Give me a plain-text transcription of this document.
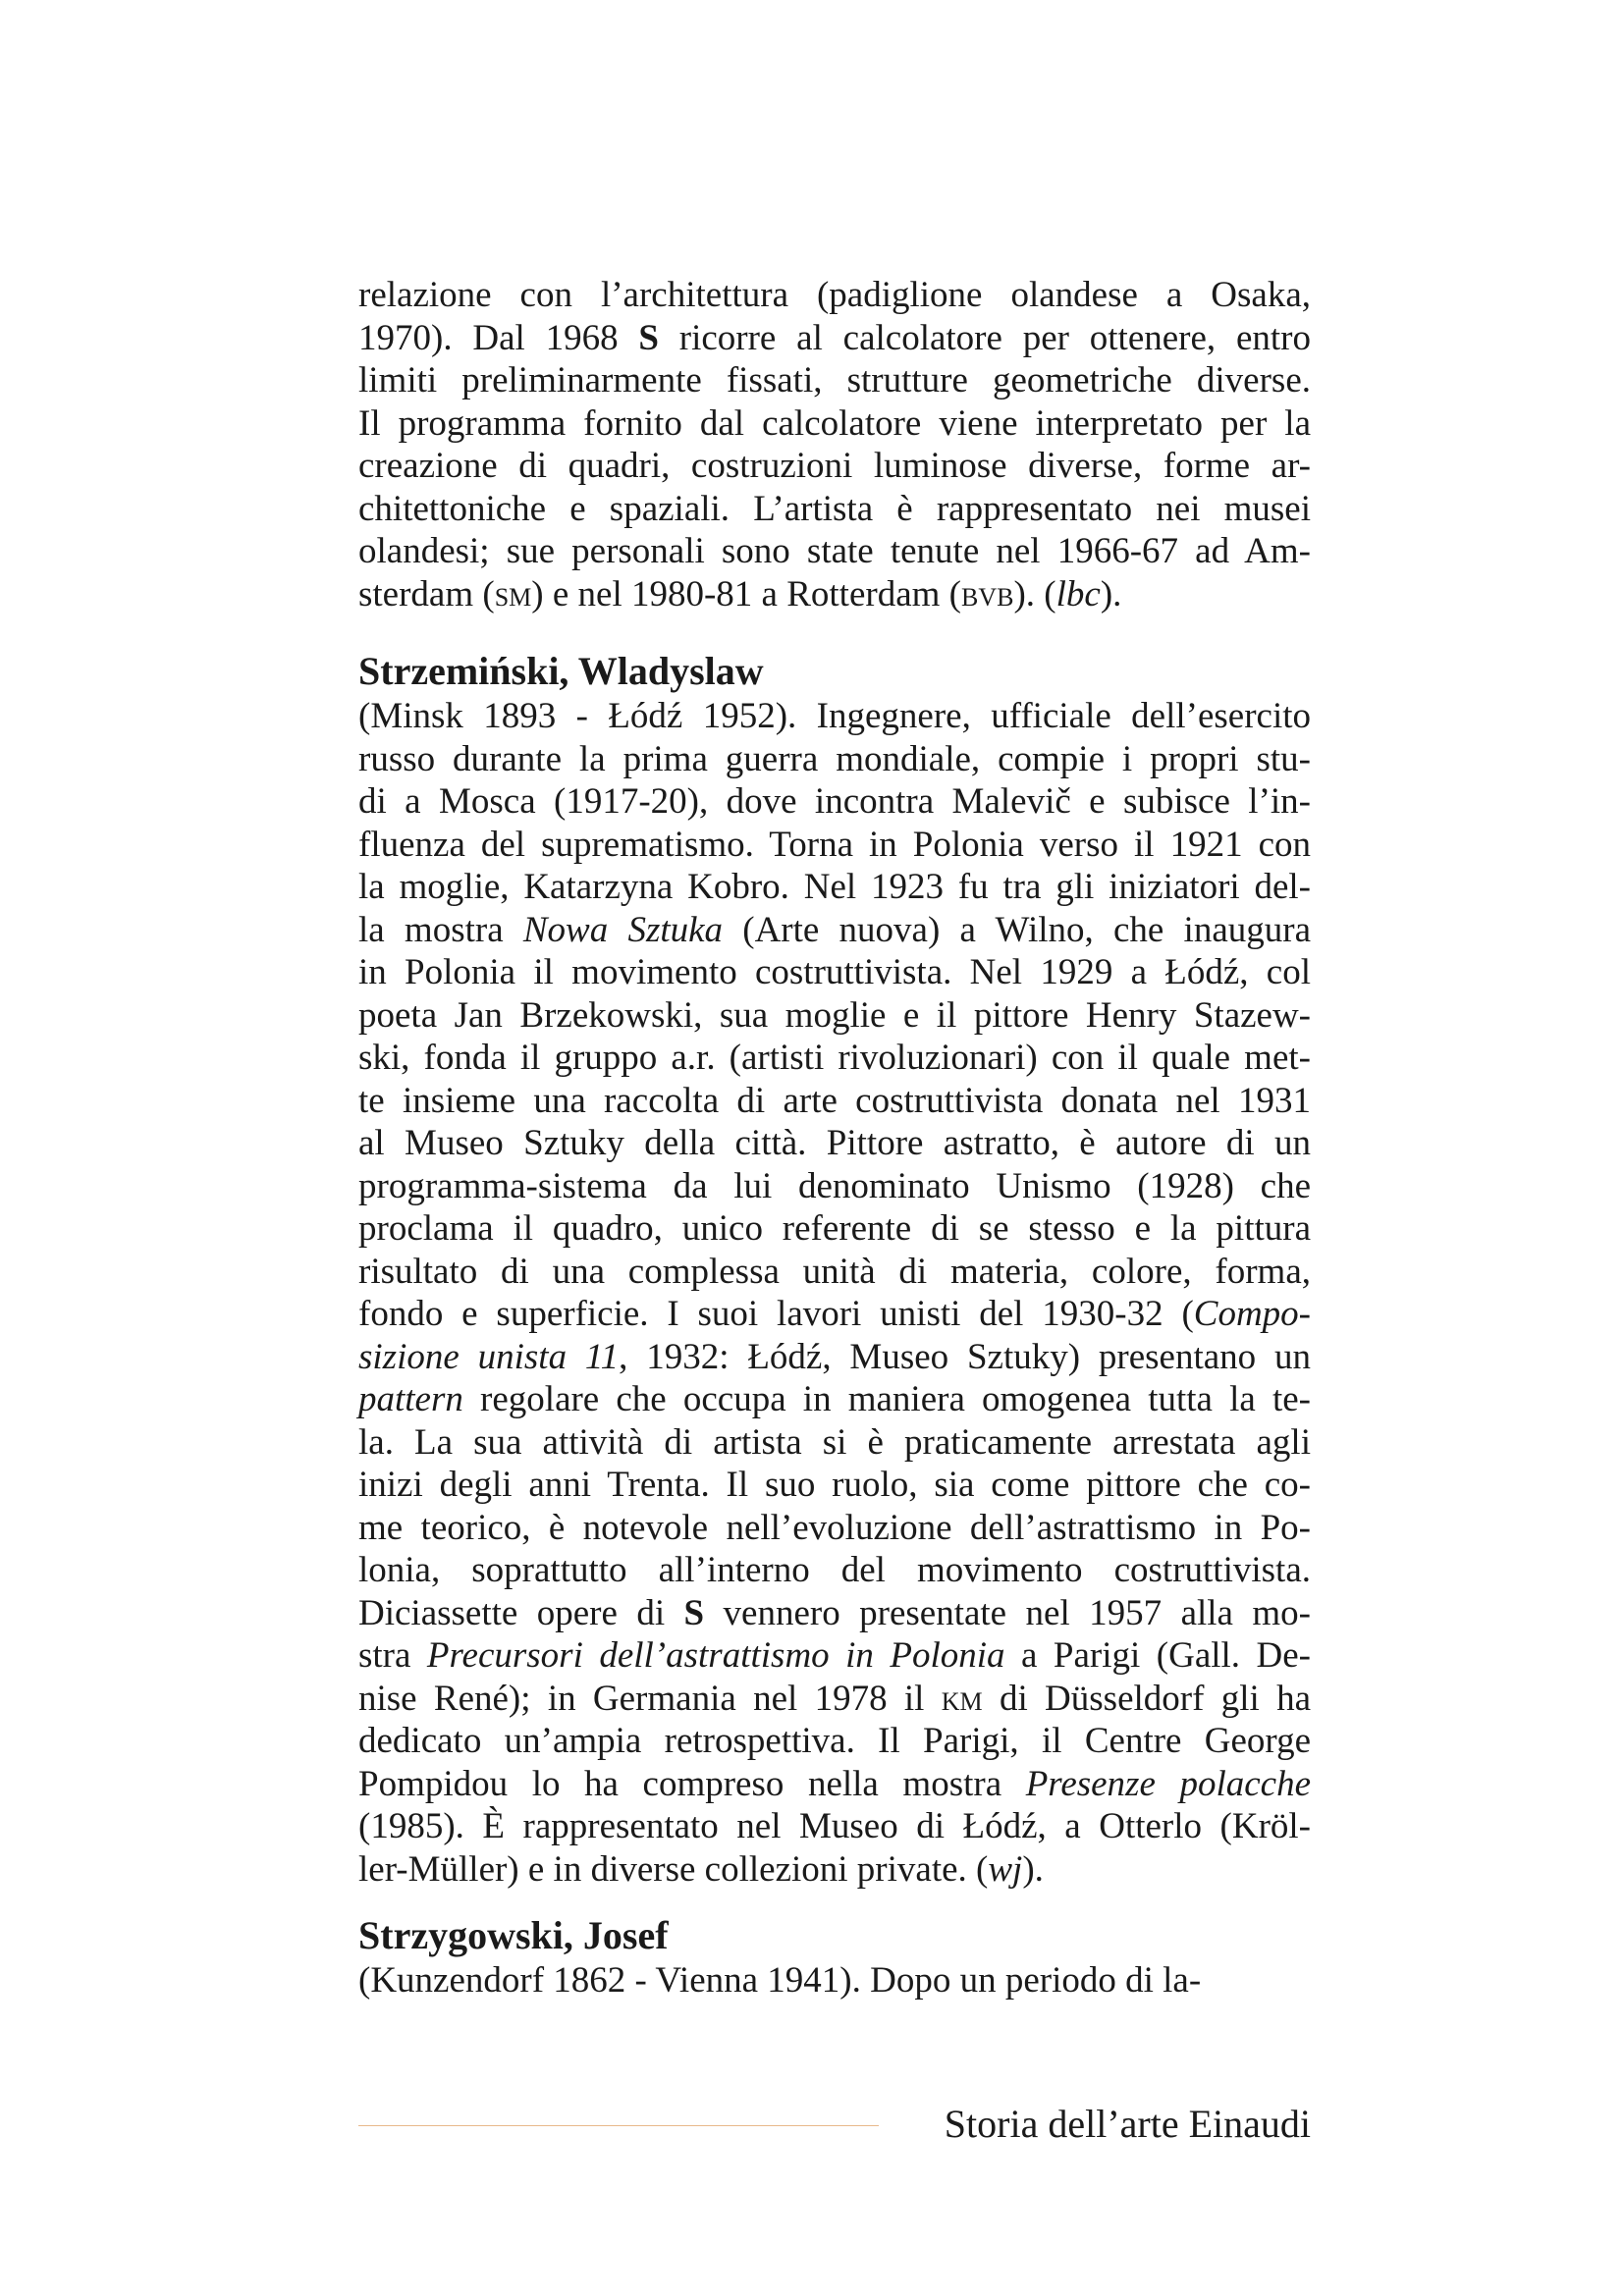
relazione con l’architettura (padiglione olandese a Osaka,
1970). Dal 1968 S ricorre al calcolatore per ottenere, entro
limiti preliminarmente fissati, strutture geometriche diverse.
Il programma fornito dal calcolatore viene interpretato per la
creazione di quadri, costruzioni luminose diverse, forme ar-
chitettoniche e spaziali. L’artista è rappresentato nei musei
olandesi; sue personali sono state tenute nel 1966-67 ad Am-
sterdam (sm) e nel 1980-81 a Rotterdam (bvb). (lbc).
Strzemiński, Wladyslaw
(Minsk 1893 - Łódź 1952). Ingegnere, ufficiale dell’esercito
russo durante la prima guerra mondiale, compie i propri stu-
di a Mosca (1917-20), dove incontra Malevič e subisce l’in-
fluenza del suprematismo. Torna in Polonia verso il 1921 con
la moglie, Katarzyna Kobro. Nel 1923 fu tra gli iniziatori del-
la mostra Nowa Sztuka (Arte nuova) a Wilno, che inaugura
in Polonia il movimento costruttivista. Nel 1929 a Łódź, col
poeta Jan Brzekowski, sua moglie e il pittore Henry Stazew-
ski, fonda il gruppo a.r. (artisti rivoluzionari) con il quale met-
te insieme una raccolta di arte costruttivista donata nel 1931
al Museo Sztuky della città. Pittore astratto, è autore di un
programma-sistema da lui denominato Unismo (1928) che
proclama il quadro, unico referente di se stesso e la pittura
risultato di una complessa unità di materia, colore, forma,
fondo e superficie. I suoi lavori unisti del 1930-32 (Compo-
sizione unista 11, 1932: Łódź, Museo Sztuky) presentano un
pattern regolare che occupa in maniera omogenea tutta la te-
la. La sua attività di artista si è praticamente arrestata agli
inizi degli anni Trenta. Il suo ruolo, sia come pittore che co-
me teorico, è notevole nell’evoluzione dell’astrattismo in Po-
lonia, soprattutto all’interno del movimento costruttivista.
Diciassette opere di S vennero presentate nel 1957 alla mo-
stra Precursori dell’astrattismo in Polonia a Parigi (Gall. De-
nise René); in Germania nel 1978 il km di Düsseldorf gli ha
dedicato un’ampia retrospettiva. Il Parigi, il Centre George
Pompidou lo ha compreso nella mostra Presenze polacche
(1985). È rappresentato nel Museo di Łódź, a Otterlo (Kröl-
ler-Müller) e in diverse collezioni private. (wj).
Strzygowski, Josef
(Kunzendorf 1862 - Vienna 1941). Dopo un periodo di la-
Storia dell’arte Einaudi
